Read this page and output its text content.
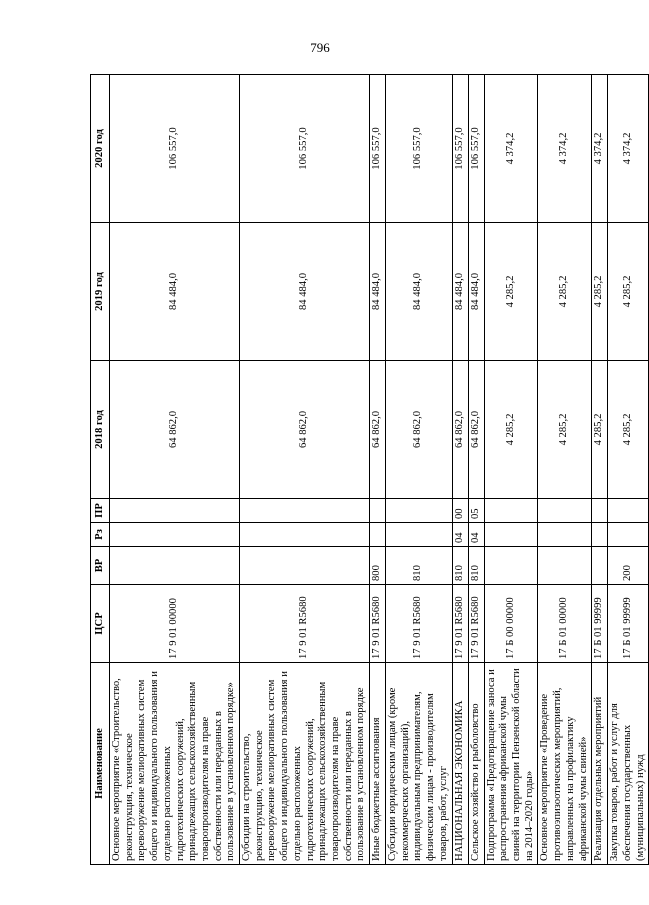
796
Наименование	ЦСР	ВР	Рз	ПР	2018 год	2019 год	2020 год
Основное мероприятие «Строительство, реконструкция, техническое перевооружение мелиоративных систем общего и индивидуального пользования и отдельно расположенных гидротехнических сооружений, принадлежащих сельскохозяйственным товаропроизводителям на праве собственности или переданных в пользование в установленном порядке»	17 9 01 00000				64 862,0	84 484,0	106 557,0
Субсидии на строительство, реконструкцию, техническое перевооружение мелиоративных систем общего и индивидуального пользования и отдельно расположенных гидротехнических сооружений, принадлежащих сельскохозяйственным товаропроизводителям на праве собственности или переданных в пользование в установленном порядке	17 9 01 R5680				64 862,0	84 484,0	106 557,0
Иные бюджетные ассигнования	17 9 01 R5680	800			64 862,0	84 484,0	106 557,0
Субсидии юридическим лицам (кроме некоммерческих организаций), индивидуальным предпринимателям, физическим лицам - производителям товаров, работ, услуг	17 9 01 R5680	810			64 862,0	84 484,0	106 557,0
НАЦИОНАЛЬНАЯ ЭКОНОМИКА	17 9 01 R5680	810	04	00	64 862,0	84 484,0	106 557,0
Сельское хозяйство и рыболовство	17 9 01 R5680	810	04	05	64 862,0	84 484,0	106 557,0
Подпрограмма «Предотвращение заноса и распространения африканской чумы свиней на территории Пензенской области на 2014–2020 годы»	17 Б 00 00000				4 285,2	4 285,2	4 374,2
Основное мероприятие «Проведение противоэпизоотических мероприятий, направленных на профилактику африканской чумы свиней»	17 Б 01 00000				4 285,2	4 285,2	4 374,2
Реализация отдельных мероприятий	17 Б 01 99999				4 285,2	4 285,2	4 374,2
Закупка товаров, работ и услуг для обеспечения государственных (муниципальных) нужд	17 Б 01 99999	200			4 285,2	4 285,2	4 374,2
